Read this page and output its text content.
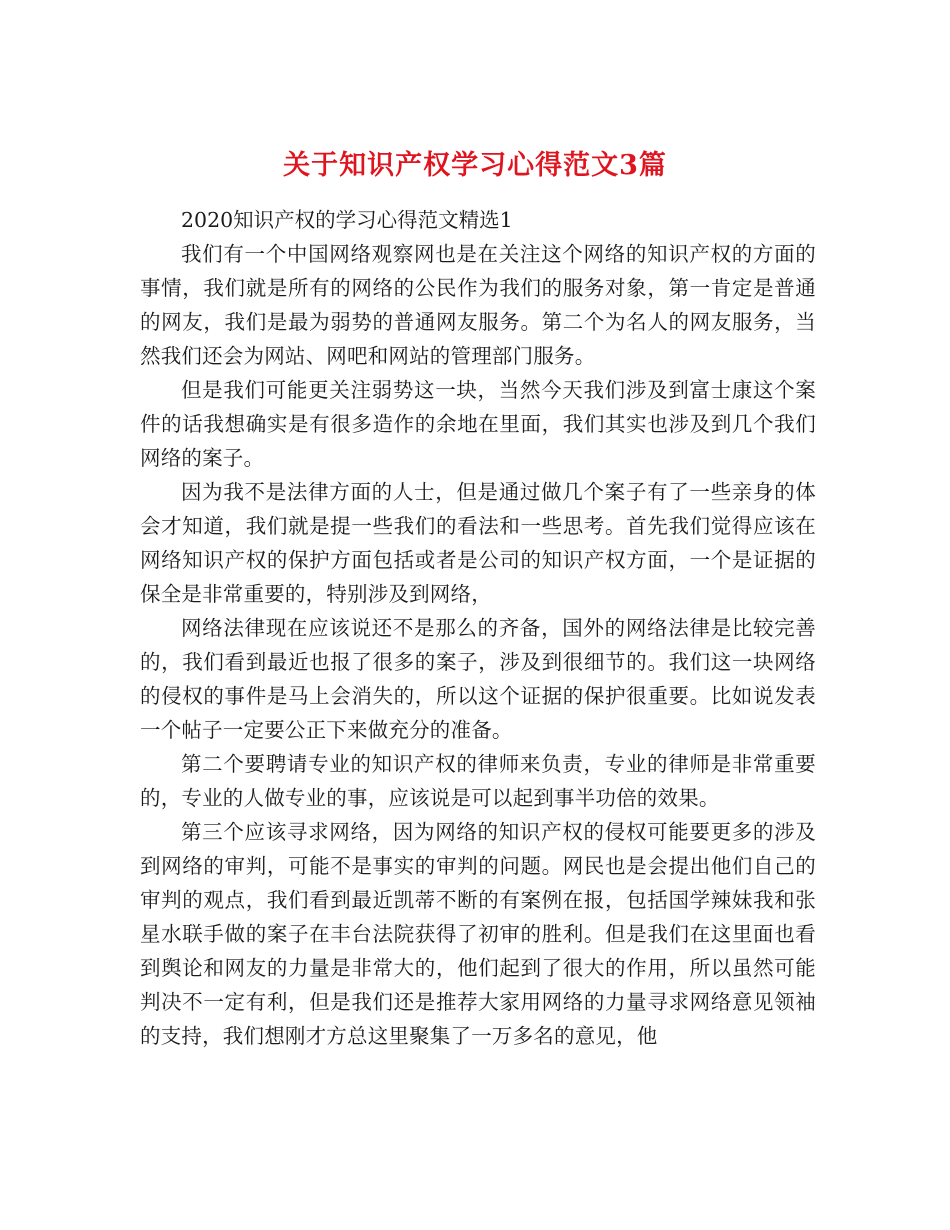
关于知识产权学习心得范文3篇

2020知识产权的学习心得范文精选1

我们有一个中国网络观察网也是在关注这个网络的知识产权的方面的事情，我们就是所有的网络的公民作为我们的服务对象，第一肯定是普通的网友，我们是最为弱势的普通网友服务。第二个为名人的网友服务，当然我们还会为网站、网吧和网站的管理部门服务。

但是我们可能更关注弱势这一块，当然今天我们涉及到富士康这个案件的话我想确实是有很多造作的余地在里面，我们其实也涉及到几个我们网络的案子。

因为我不是法律方面的人士，但是通过做几个案子有了一些亲身的体会才知道，我们就是提一些我们的看法和一些思考。首先我们觉得应该在网络知识产权的保护方面包括或者是公司的知识产权方面，一个是证据的保全是非常重要的，特别涉及到网络，

网络法律现在应该说还不是那么的齐备，国外的网络法律是比较完善的，我们看到最近也报了很多的案子，涉及到很细节的。我们这一块网络的侵权的事件是马上会消失的，所以这个证据的保护很重要。比如说发表一个帖子一定要公正下来做充分的准备。

第二个要聘请专业的知识产权的律师来负责，专业的律师是非常重要的，专业的人做专业的事，应该说是可以起到事半功倍的效果。

第三个应该寻求网络，因为网络的知识产权的侵权可能要更多的涉及到网络的审判，可能不是事实的审判的问题。网民也是会提出他们自己的审判的观点，我们看到最近凯蒂不断的有案例在报，包括国学辣妹我和张星水联手做的案子在丰台法院获得了初审的胜利。但是我们在这里面也看到舆论和网友的力量是非常大的，他们起到了很大的作用，所以虽然可能判决不一定有利，但是我们还是推荐大家用网络的力量寻求网络意见领袖的支持，我们想刚才方总这里聚集了一万多名的意见，他
